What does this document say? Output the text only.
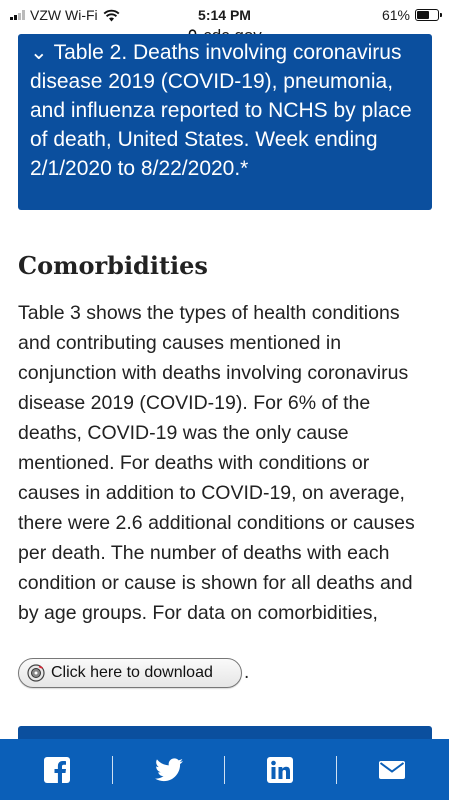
VZW Wi-Fi	5:14 PM	61%
⌄ Table 2. Deaths involving coronavirus disease 2019 (COVID-19), pneumonia, and influenza reported to NCHS by place of death, United States. Week ending 2/1/2020 to 8/22/2020.*
Comorbidities

Table 3 shows the types of health conditions and contributing causes mentioned in conjunction with deaths involving coronavirus disease 2019 (COVID-19). For 6% of the deaths, COVID-19 was the only cause mentioned. For deaths with conditions or causes in addition to COVID-19, on average, there were 2.6 additional conditions or causes per death. The number of deaths with each condition or cause is shown for all deaths and by age groups. For data on comorbidities,

Click here to download .
